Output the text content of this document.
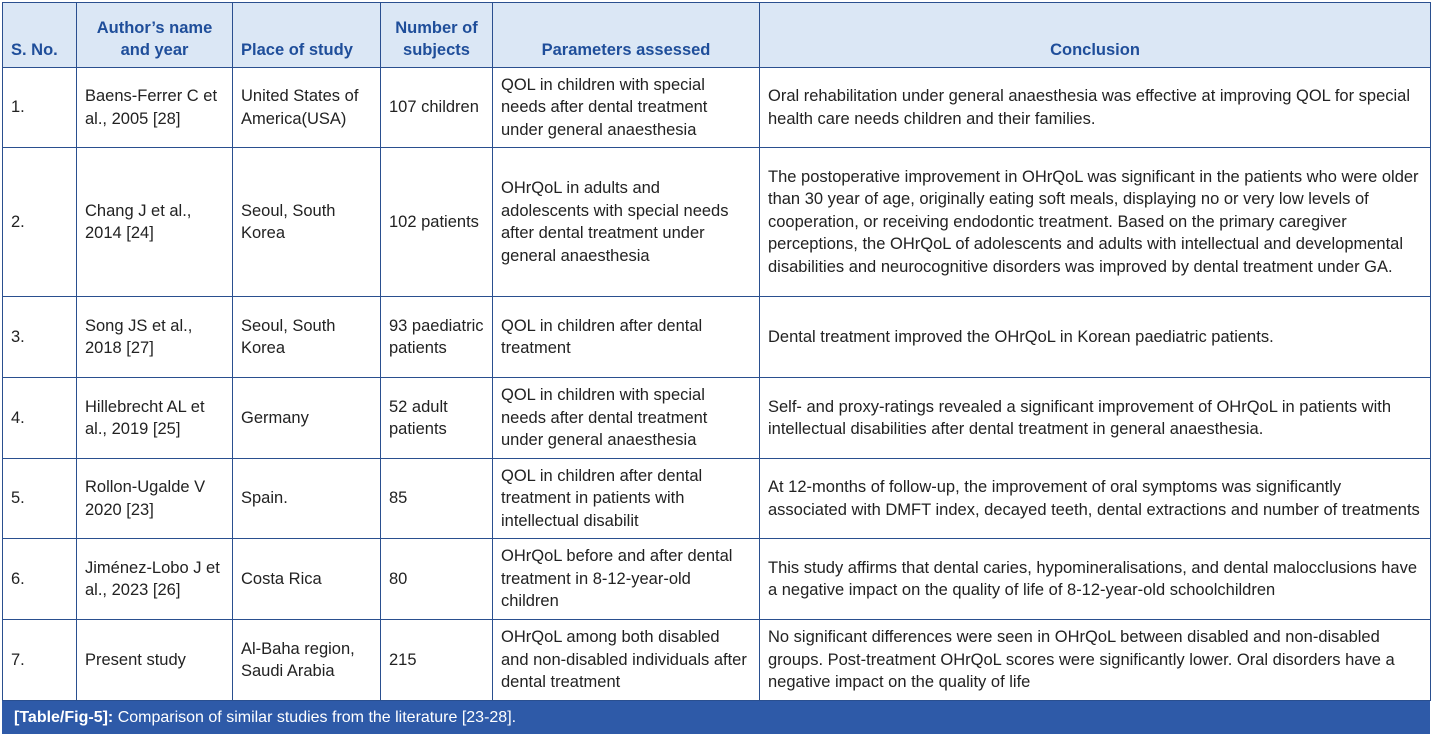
S. No.	Author’s name and year	Place of study	Number of subjects	Parameters assessed	Conclusion
1.	Baens-Ferrer C et al., 2005 [28]	United States of America(USA)	107 children	QOL in children with special needs after dental treatment under general anaesthesia	Oral rehabilitation under general anaesthesia was effective at improving QOL for special health care needs children and their families.
2.	Chang J et al., 2014 [24]	Seoul, South Korea	102 patients	OHrQoL in adults and adolescents with special needs after dental treatment under general anaesthesia	The postoperative improvement in OHrQoL was significant in the patients who were older than 30 year of age, originally eating soft meals, displaying no or very low levels of cooperation, or receiving endodontic treatment. Based on the primary caregiver perceptions, the OHrQoL of adolescents and adults with intellectual and developmental disabilities and neurocognitive disorders was improved by dental treatment under GA.
3.	Song JS et al., 2018 [27]	Seoul, South Korea	93 paediatric patients	QOL in children after dental treatment	Dental treatment improved the OHrQoL in Korean paediatric patients.
4.	Hillebrecht AL et al., 2019 [25]	Germany	52 adult patients	QOL in children with special needs after dental treatment under general anaesthesia	Self- and proxy-ratings revealed a significant improvement of OHrQoL in patients with intellectual disabilities after dental treatment in general anaesthesia.
5.	Rollon-Ugalde V 2020 [23]	Spain.	85	QOL in children after dental treatment in patients with intellectual disabilit	At 12-months of follow-up, the improvement of oral symptoms was significantly associated with DMFT index, decayed teeth, dental extractions and number of treatments
6.	Jiménez-Lobo J et al., 2023 [26]	Costa Rica	80	OHrQoL before and after dental treatment in 8-12-year-old children	This study affirms that dental caries, hypomineralisations, and dental malocclusions have a negative impact on the quality of life of 8-12-year-old schoolchildren
7.	Present study	Al-Baha region, Saudi Arabia	215	OHrQoL among both disabled and non-disabled individuals after dental treatment	No significant differences were seen in OHrQoL between disabled and non-disabled groups. Post-treatment OHrQoL scores were significantly lower. Oral disorders have a negative impact on the quality of life
[Table/Fig-5]: Comparison of similar studies from the literature [23-28].
